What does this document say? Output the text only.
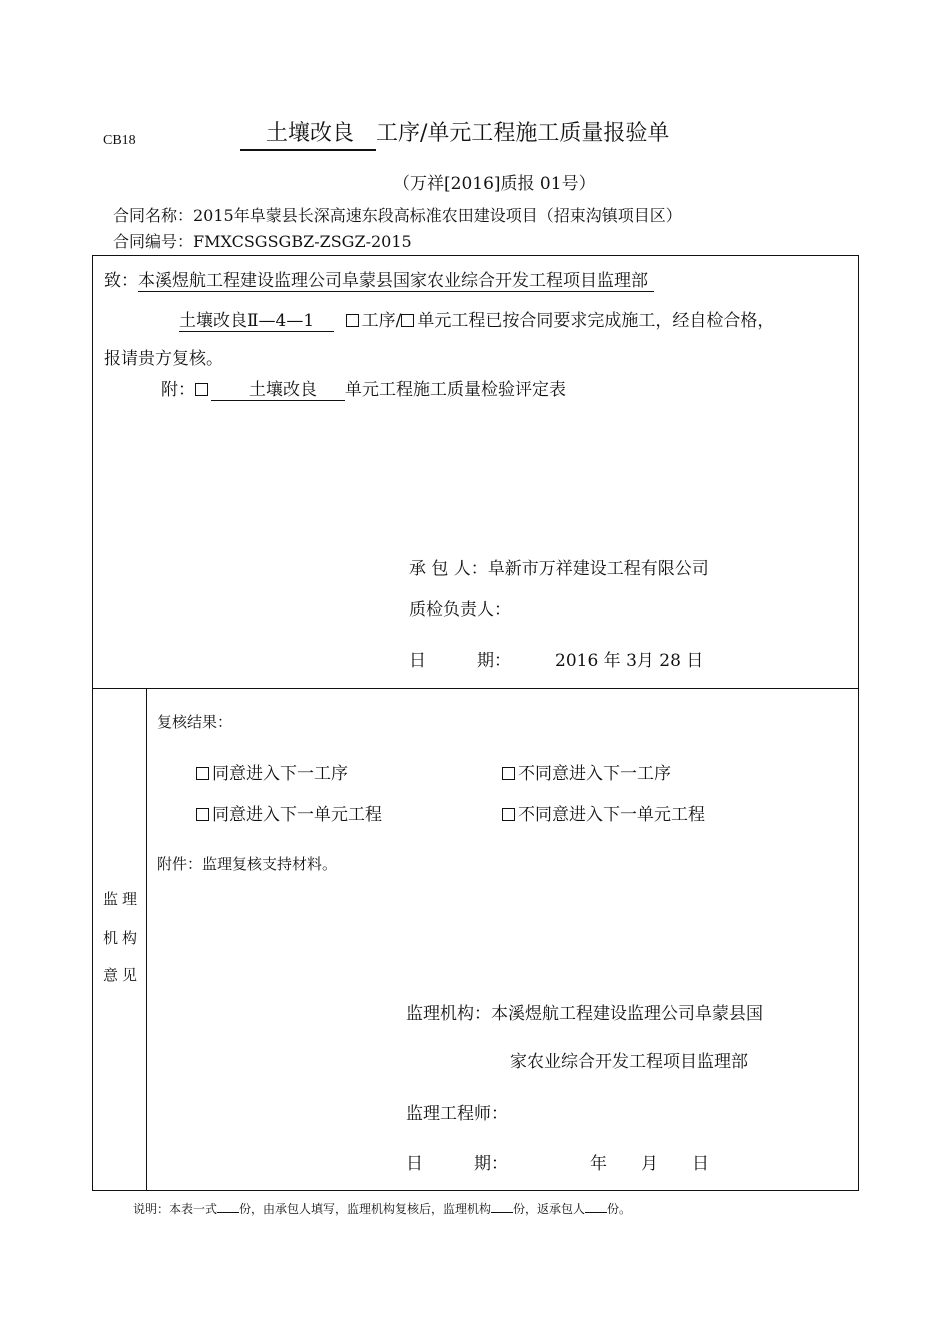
CB18	土壤改良 工序/单元工程施工质量报验单
（万祥[2016]质报 01号）
合同名称：2015年阜蒙县长深高速东段高标准农田建设项目（招束沟镇项目区）
合同编号：FMXCSGSGBZ-ZSGZ-2015
致：本溪煜航工程建设监理公司阜蒙县国家农业综合开发工程项目监理部
土壤改良Ⅱ—4—1	工序/ 单元工程已按合同要求完成施工，经自检合格，
报请贵方复核。
附：	土壤改良 单元工程施工质量检验评定表
承 包 人：阜新市万祥建设工程有限公司
质检负责人：
日　　　期：	2016 年 3月 28 日
监理
机构
意见
复核结果：
同意进入下一工序	不同意进入下一工序
同意进入下一单元工程	不同意进入下一单元工程
附件：监理复核支持材料。
监理机构：本溪煜航工程建设监理公司阜蒙县国
家农业综合开发工程项目监理部
监理工程师：
日　　　期：	年　　月　　日
说明：本表一式 份，由承包人填写，监理机构复核后，监理机构 份，返承包人 份。
